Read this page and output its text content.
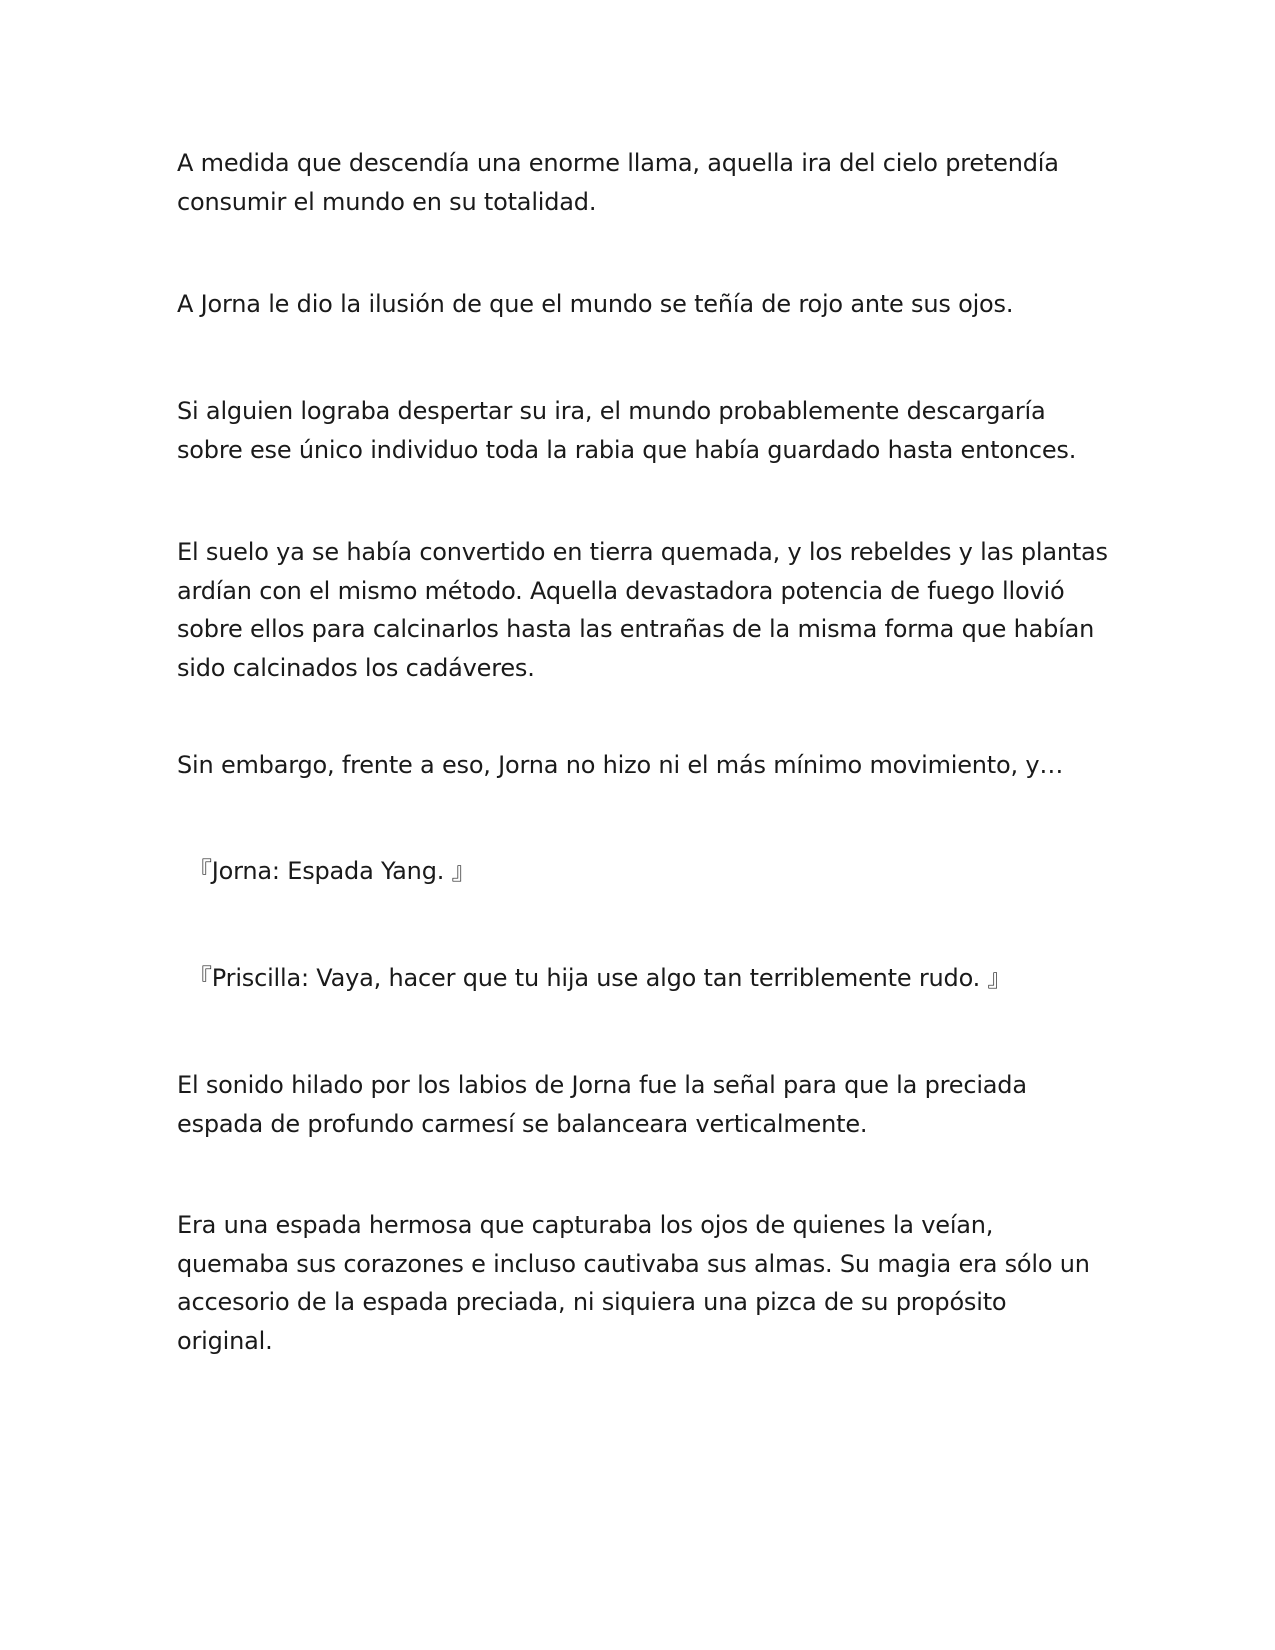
A medida que descendía una enorme llama, aquella ira del cielo pretendía
consumir el mundo en su totalidad.

A Jorna le dio la ilusión de que el mundo se teñía de rojo ante sus ojos.

Si alguien lograba despertar su ira, el mundo probablemente descargaría
sobre ese único individuo toda la rabia que había guardado hasta entonces.

El suelo ya se había convertido en tierra quemada, y los rebeldes y las plantas
ardían con el mismo método. Aquella devastadora potencia de fuego llovió
sobre ellos para calcinarlos hasta las entrañas de la misma forma que habían
sido calcinados los cadáveres.

Sin embargo, frente a eso, Jorna no hizo ni el más mínimo movimiento, y…

『Jorna: Espada Yang. 』

『Priscilla: Vaya, hacer que tu hija use algo tan terriblemente rudo. 』

El sonido hilado por los labios de Jorna fue la señal para que la preciada
espada de profundo carmesí se balanceara verticalmente.

Era una espada hermosa que capturaba los ojos de quienes la veían,
quemaba sus corazones e incluso cautivaba sus almas. Su magia era sólo un
accesorio de la espada preciada, ni siquiera una pizca de su propósito
original.
